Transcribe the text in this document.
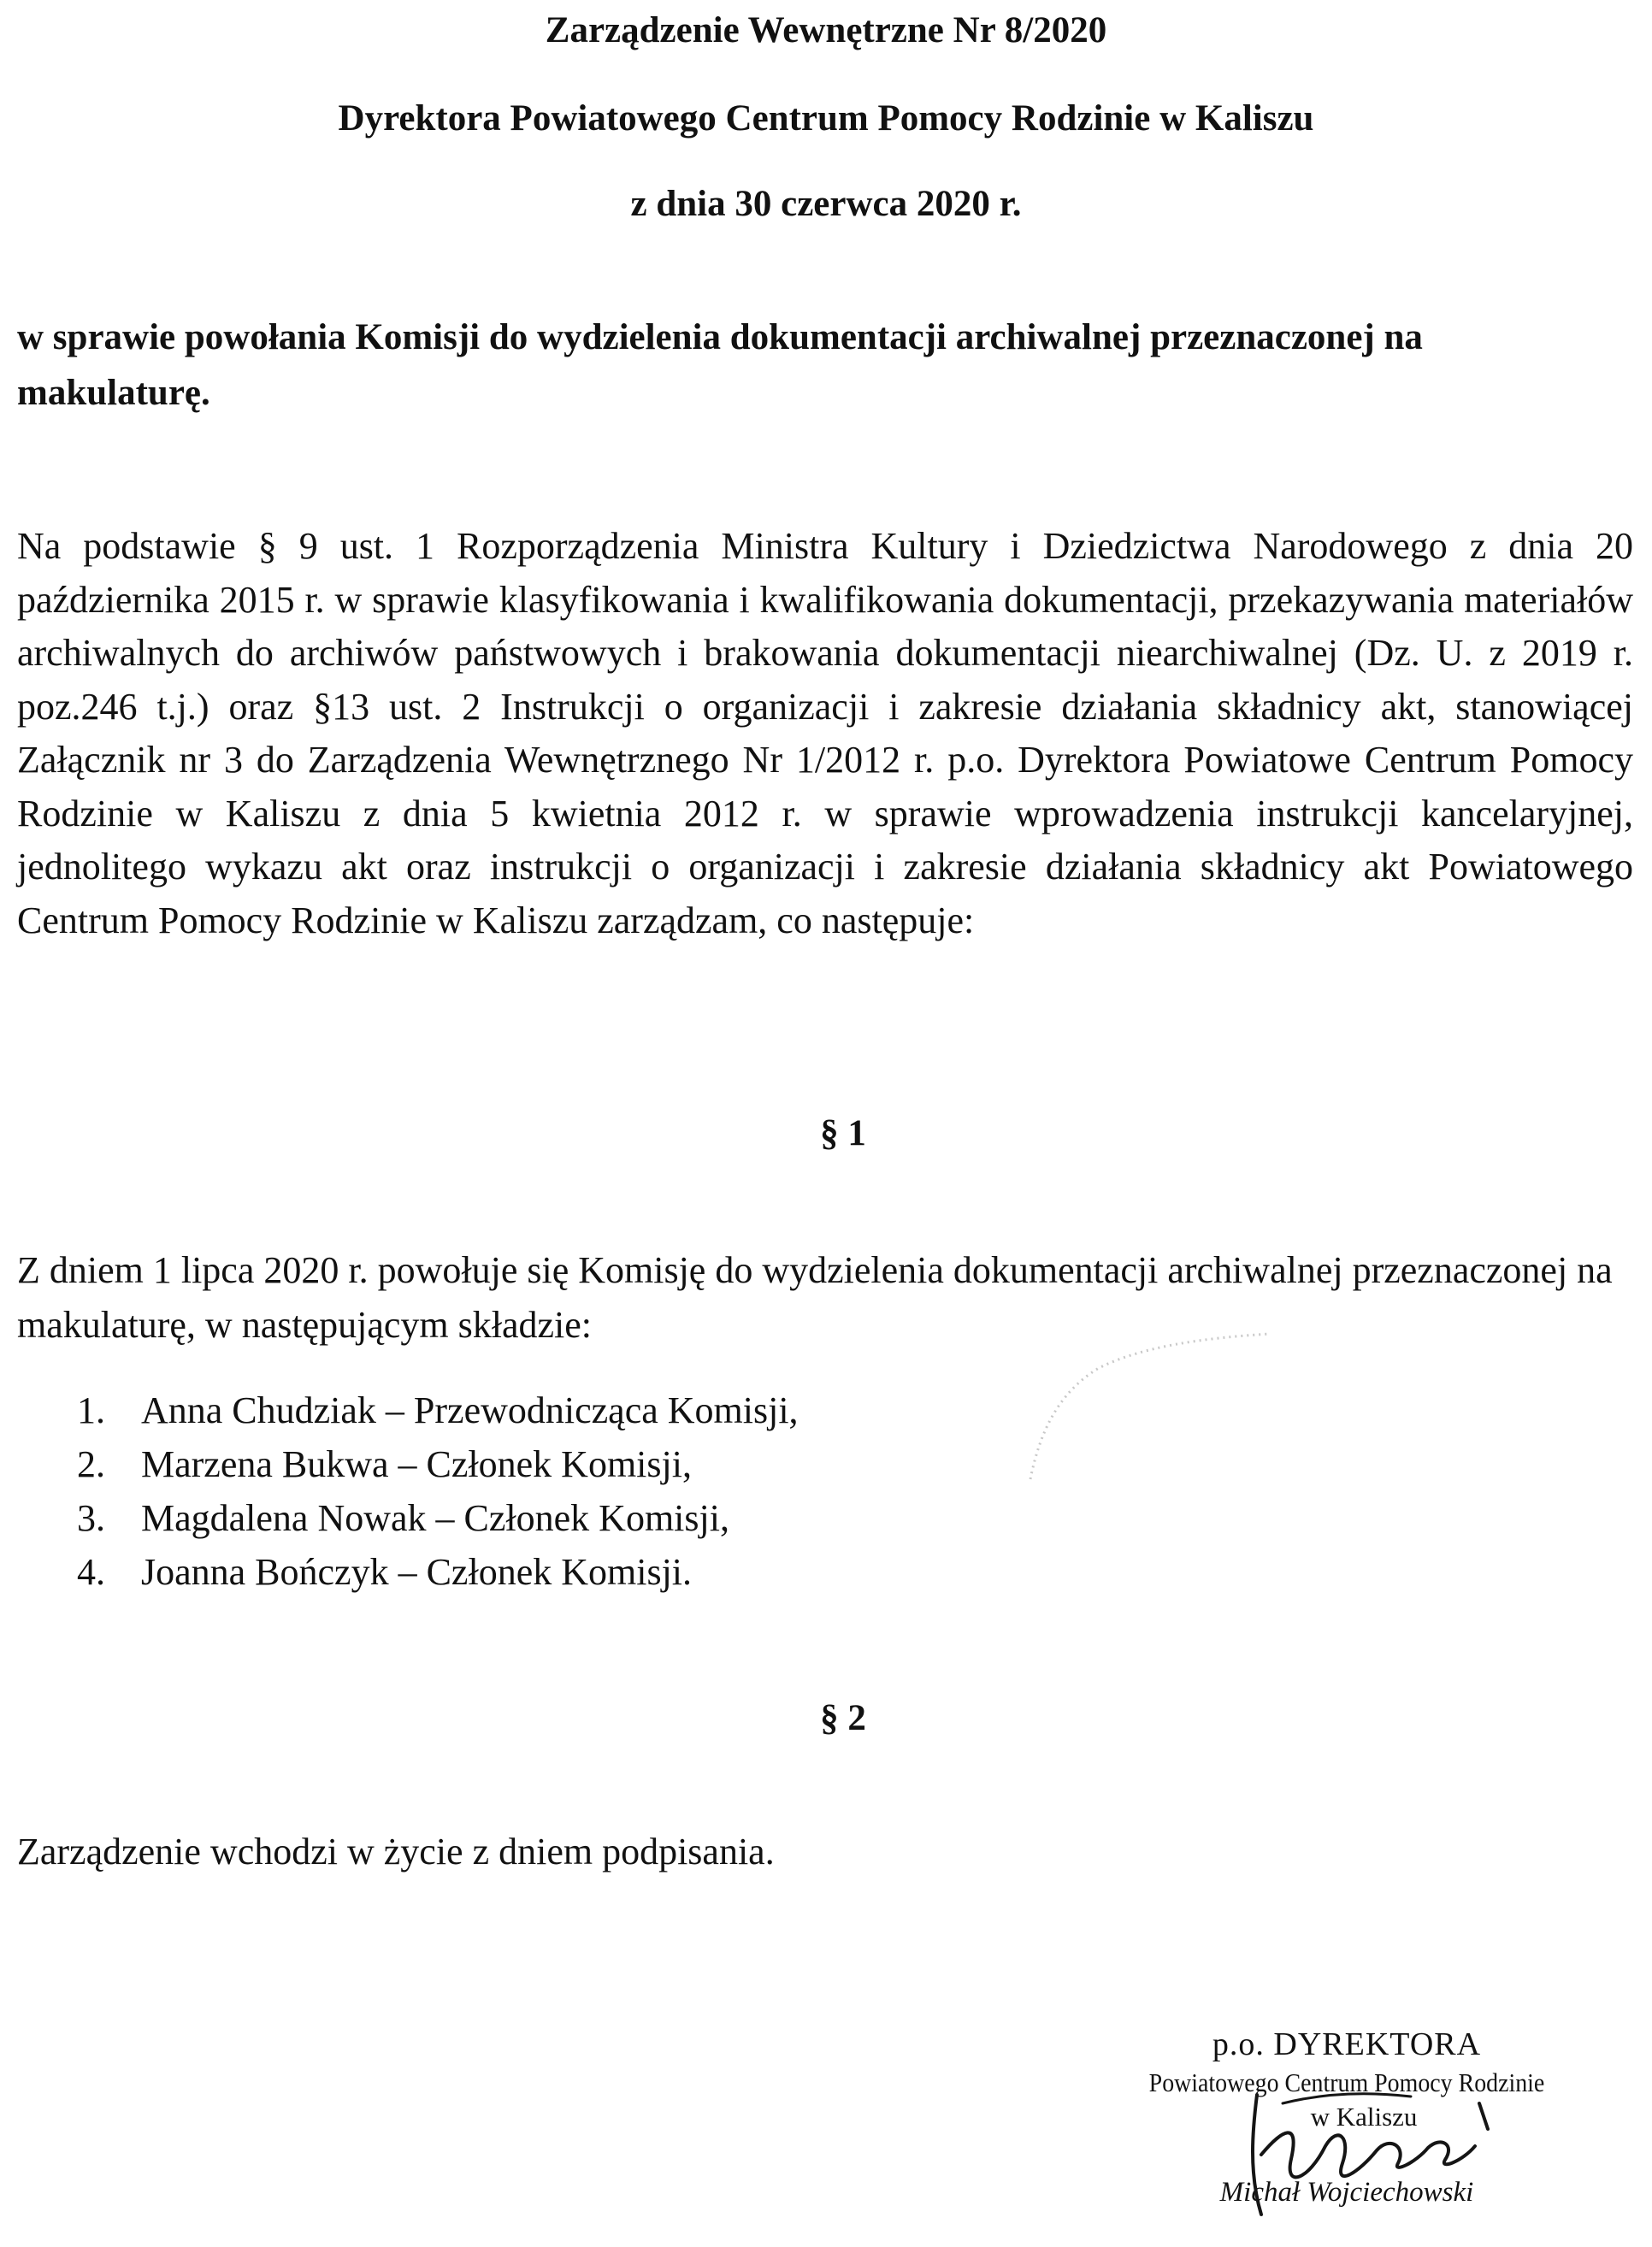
Zarządzenie Wewnętrzne Nr 8/2020
Dyrektora Powiatowego Centrum Pomocy Rodzinie w Kaliszu
z dnia 30 czerwca 2020 r.
w sprawie powołania Komisji do wydzielenia dokumentacji archiwalnej przeznaczonej na makulaturę.
Na podstawie § 9 ust. 1 Rozporządzenia Ministra Kultury i Dziedzictwa Narodowego z dnia 20 października 2015 r. w sprawie klasyfikowania i kwalifikowania dokumentacji, przekazywania materiałów archiwalnych do archiwów państwowych i brakowania dokumentacji niearchiwalnej (Dz. U. z 2019 r. poz.246 t.j.) oraz §13 ust. 2 Instrukcji o organizacji i zakresie działania składnicy akt, stanowiącej Załącznik nr 3 do Zarządzenia Wewnętrznego Nr 1/2012 r. p.o. Dyrektora Powiatowe Centrum Pomocy Rodzinie w Kaliszu z dnia 5 kwietnia 2012 r. w sprawie wprowadzenia instrukcji kancelaryjnej, jednolitego wykazu akt oraz instrukcji o organizacji i zakresie działania składnicy akt Powiatowego Centrum Pomocy Rodzinie w Kaliszu zarządzam, co następuje:
§ 1
Z dniem 1 lipca 2020 r. powołuje się Komisję do wydzielenia dokumentacji archiwalnej przeznaczonej na makulaturę, w następującym składzie:
1. Anna Chudziak – Przewodnicząca Komisji,
2. Marzena Bukwa – Członek Komisji,
3. Magdalena Nowak – Członek Komisji,
4. Joanna Bończyk – Członek Komisji.
§ 2
Zarządzenie wchodzi w życie z dniem podpisania.
p.o. DYREKTORA
Powiatowego Centrum Pomocy Rodzinie
w Kaliszu
Michał Wojciechowski
